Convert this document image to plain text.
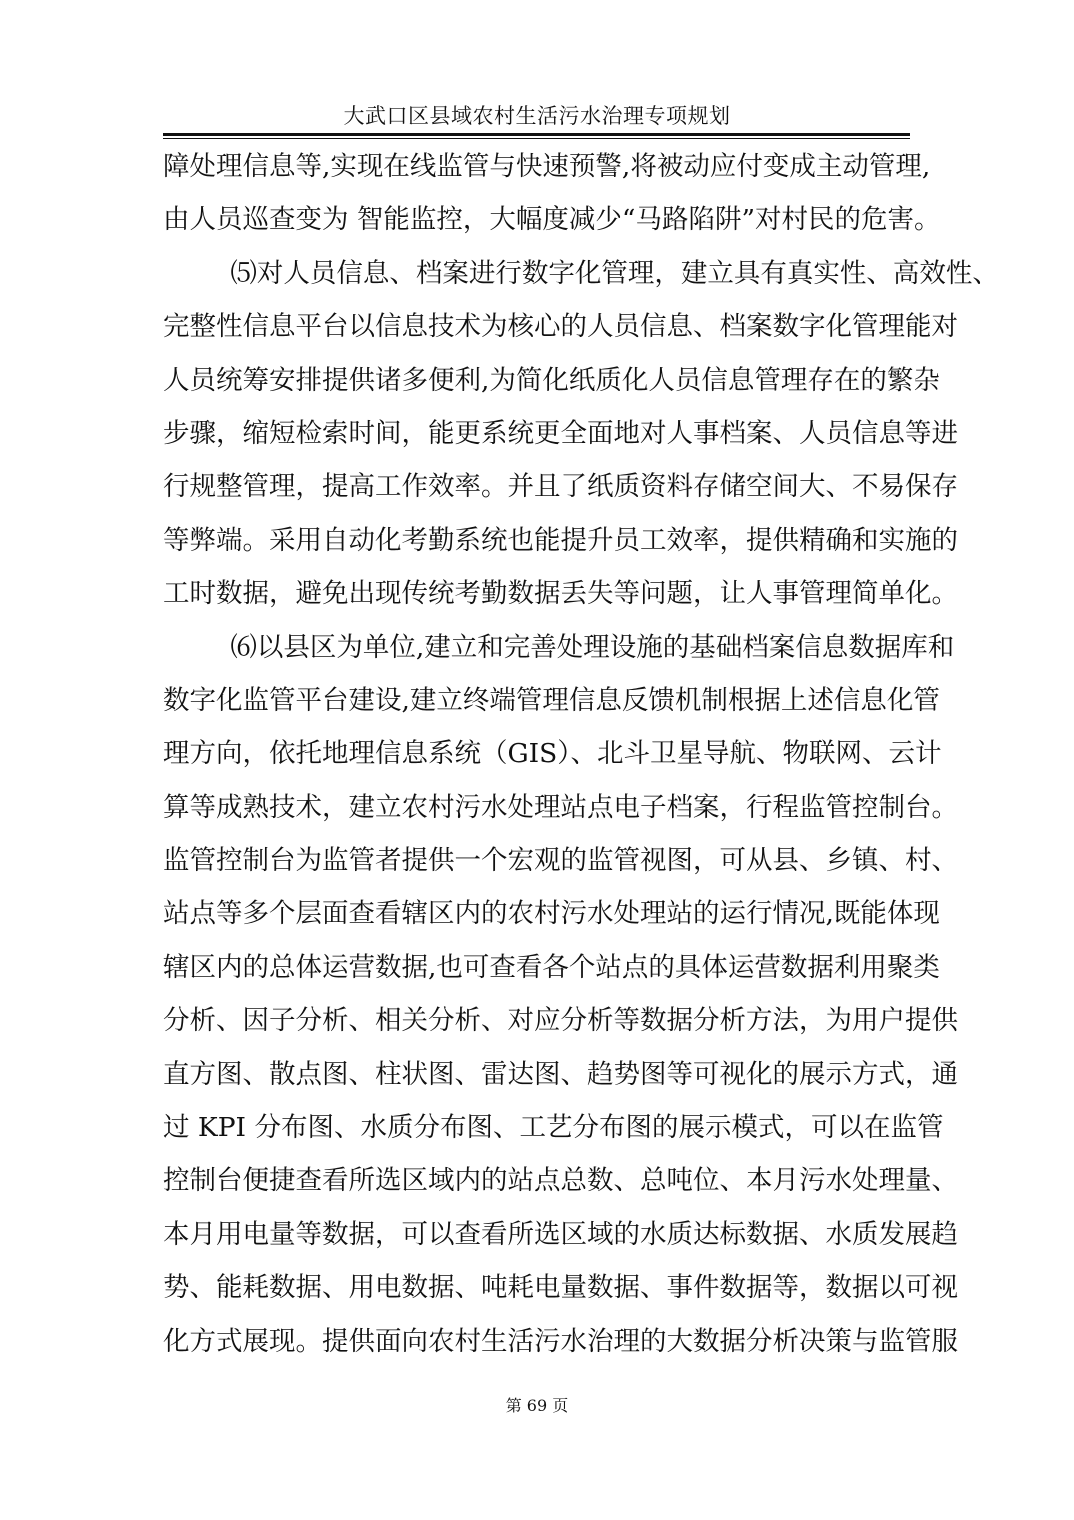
大武口区县域农村生活污水治理专项规划
障处理信息等,实现在线监管与快速预警,将被动应付变成主动管理,
由人员巡查变为 智能监控，大幅度减少“马路陷阱”对村民的危害。
⑸对人员信息、档案进行数字化管理，建立具有真实性、高效性、
完整性信息平台以信息技术为核心的人员信息、档案数字化管理能对
人员统筹安排提供诸多便利,为简化纸质化人员信息管理存在的繁杂
步骤，缩短检索时间，能更系统更全面地对人事档案、人员信息等进
行规整管理，提高工作效率。并且了纸质资料存储空间大、不易保存
等弊端。采用自动化考勤系统也能提升员工效率，提供精确和实施的
工时数据，避免出现传统考勤数据丢失等问题，让人事管理简单化。
⑹以县区为单位,建立和完善处理设施的基础档案信息数据库和
数字化监管平台建设,建立终端管理信息反馈机制根据上述信息化管
理方向，依托地理信息系统（GIS）、北斗卫星导航、物联网、云计
算等成熟技术，建立农村污水处理站点电子档案，行程监管控制台。
监管控制台为监管者提供一个宏观的监管视图，可从县、乡镇、村、
站点等多个层面查看辖区内的农村污水处理站的运行情况,既能体现
辖区内的总体运营数据,也可查看各个站点的具体运营数据利用聚类
分析、因子分析、相关分析、对应分析等数据分析方法，为用户提供
直方图、散点图、柱状图、雷达图、趋势图等可视化的展示方式，通
过 KPI 分布图、水质分布图、工艺分布图的展示模式，可以在监管
控制台便捷查看所选区域内的站点总数、总吨位、本月污水处理量、
本月用电量等数据，可以查看所选区域的水质达标数据、水质发展趋
势、能耗数据、用电数据、吨耗电量数据、事件数据等，数据以可视
化方式展现。提供面向农村生活污水治理的大数据分析决策与监管服
第 69 页
